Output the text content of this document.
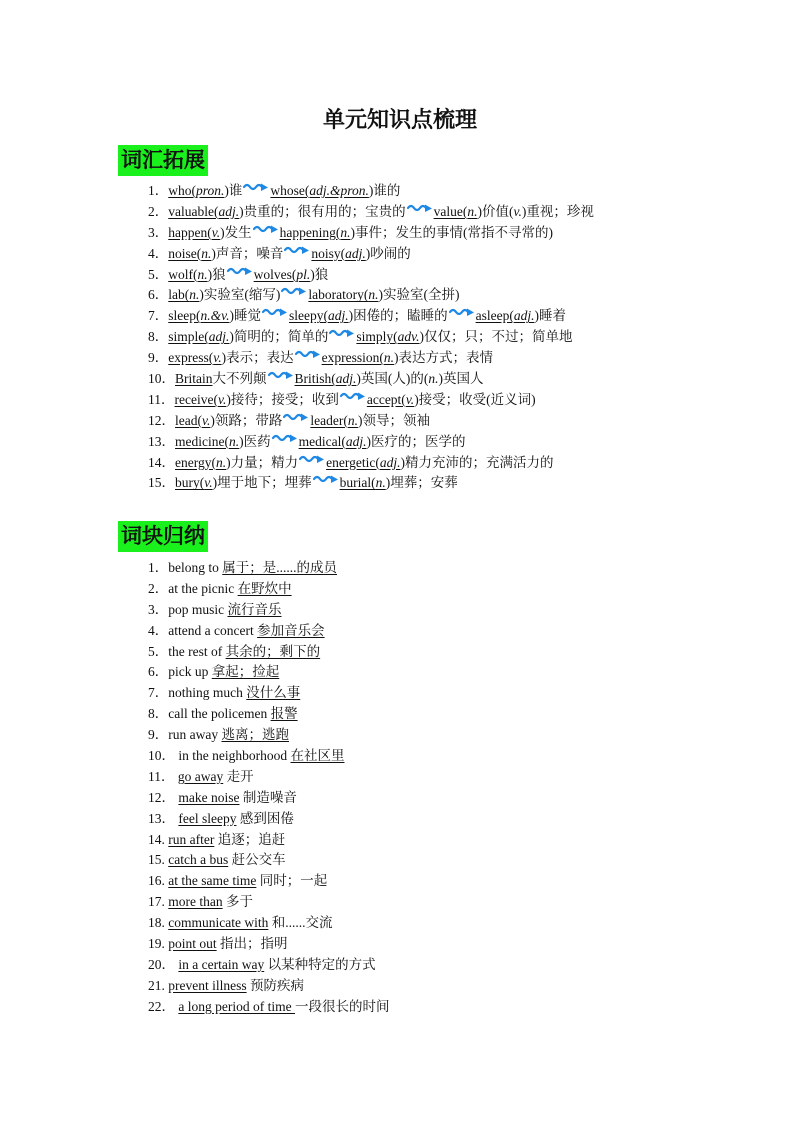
单元知识点梳理
词汇拓展
1．who(pron.)谁 whose(adj.&pron.)谁的
2．valuable(adj.)贵重的；很有用的；宝贵的 value(n.)价值(v.)重视；珍视
3．happen(v.)发生 happening(n.)事件；发生的事情(常指不寻常的)
4．noise(n.)声音；噪音 noisy(adj.)吵闹的
5．wolf(n.)狼 wolves(pl.)狼
6．lab(n.)实验室(缩写) laboratory(n.)实验室(全拼)
7．sleep(n.&v.)睡觉 sleepy(adj.)困倦的；瞌睡的 asleep(adj.)睡着
8．simple(adj.)简明的；简单的 simply(adv.)仅仅；只；不过；简单地
9．express(v.)表示；表达 expression(n.)表达方式；表情
10．Britain大不列颠 British(adj.)英国(人)的(n.)英国人
11．receive(v.)接待；接受；收到 accept(v.)接受；收受(近义词)
12．lead(v.)领路；带路 leader(n.)领导；领袖
13．medicine(n.)医药 medical(adj.)医疗的；医学的
14．energy(n.)力量；精力 energetic(adj.)精力充沛的；充满活力的
15．bury(v.)埋于地下；埋葬 burial(n.)埋葬；安葬
词块归纳
1．belong to 属于；是......的成员
2．at the picnic 在野炊中
3．pop music 流行音乐
4．attend a concert 参加音乐会
5．the rest of 其余的；剩下的
6．pick up 拿起；捡起
7．nothing much 没什么事
8．call the policemen 报警
9．run away 逃离；逃跑
10． in the neighborhood 在社区里
11． go away 走开
12． make noise 制造噪音
13． feel sleepy 感到困倦
14. run after 追逐；追赶
15. catch a bus 赶公交车
16. at the same time 同时；一起
17. more than 多于
18. communicate with 和......交流
19. point out 指出；指明
20． in a certain way 以某种特定的方式
21. prevent illness 预防疾病
22． a long period of time 一段很长的时间
